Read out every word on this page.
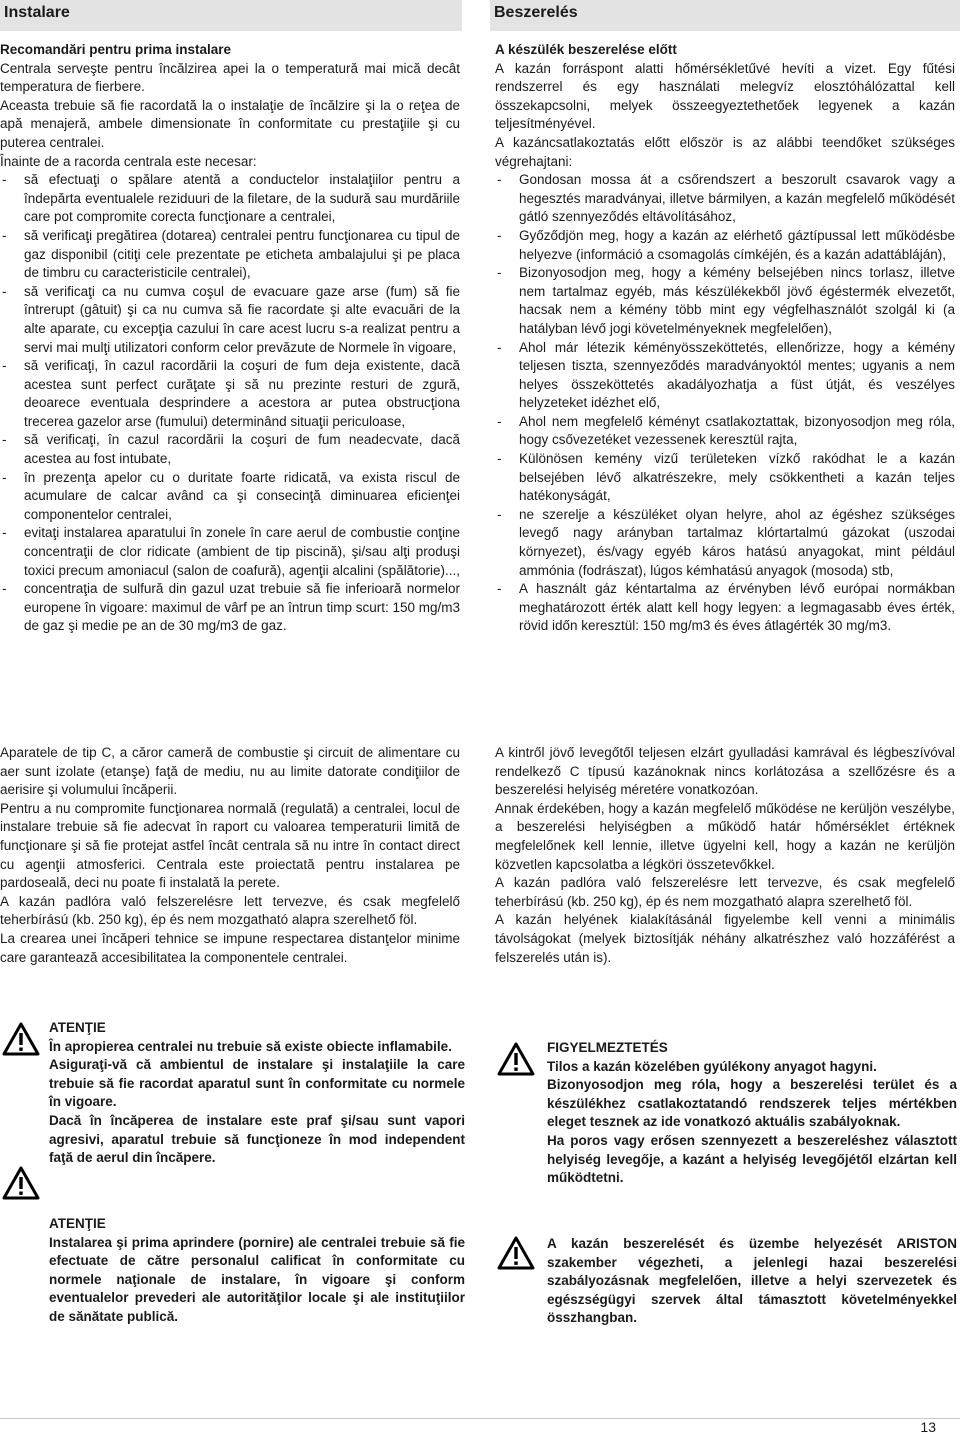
Instalare	Beszerelés

Recomandări pentru prima instalare

Centrala serveşte pentru încălzirea apei la o temperatură mai mică decât temperatura de fierbere.

Aceasta trebuie să fie racordată la o instalaţie de încălzire şi la o reţea de apă menajeră, ambele dimensionate în conformitate cu prestaţiile şi cu puterea centralei.

Înainte de a racorda centrala este necesar:

- să efectuaţi o spălare atentă a conductelor instalaţiilor pentru a îndepărta eventualele reziduuri de la filetare, de la sudură sau murdăriile care pot compromite corecta funcţionare a centralei,
- să verificaţi pregătirea (dotarea) centralei pentru funcţionarea cu tipul de gaz disponibil (citiţi cele prezentate pe eticheta ambalajului şi pe placa de timbru cu caracteristicile centralei),
- să verificaţi ca nu cumva coşul de evacuare gaze arse (fum) să fie întrerupt (gâtuit) şi ca nu cumva să fie racordate şi alte evacuări de la alte aparate, cu excepţia cazului în care acest lucru s-a realizat pentru a servi mai mulţi utilizatori conform celor prevăzute de Normele în vigoare,
- să verificaţi, în cazul racordării la coşuri de fum deja existente, dacă acestea sunt perfect curăţate şi să nu prezinte resturi de zgură, deoarece eventuala desprindere a acestora ar putea obstrucţiona trecerea gazelor arse (fumului) determinând situaţii periculoase,
- să verificaţi, în cazul racordării la coşuri de fum neadecvate, dacă acestea au fost intubate,
- în prezenţa apelor cu o duritate foarte ridicată, va exista riscul de acumulare de calcar având ca şi consecinţă diminuarea eficienţei componentelor centralei,
- evitaţi instalarea aparatului în zonele în care aerul de combustie conţine concentraţii de clor ridicate (ambient de tip piscină), şi/sau alţi produşi toxici precum amoniacul (salon de coafură), agenţii alcalini (spălătorie)...,
- concentraţia de sulfură din gazul uzat trebuie să fie inferioară normelor europene în vigoare: maximul de vârf pe an întrun timp scurt: 150 mg/m3 de gaz şi medie pe an de 30 mg/m3 de gaz.

Aparatele de tip C, a căror cameră de combustie şi circuit de alimentare cu aer sunt izolate (etanşe) faţă de mediu, nu au limite datorate condiţiilor de aerisire şi volumului încăperii.

Pentru a nu compromite funcţionarea normală (regulată) a centralei, locul de instalare trebuie să fie adecvat în raport cu valoarea temperaturii limită de funcţionare şi să fie protejat astfel încât centrala să nu intre în contact direct cu agenţii atmosferici. Centrala este proiectată pentru instalarea pe pardoseală, deci nu poate fi instalată la perete.

A kazán padlóra való felszerelésre lett tervezve, és csak megfelelő teherbírású (kb. 250 kg), ép és nem mozgatható alapra szerelhető föl.

La crearea unei încăperi tehnice se impune respectarea distanţelor minime care garantează accesibilitatea la componentele centralei.

A készülék beszerelése előtt

A kazán forráspont alatti hőmérsékletűvé hevíti a vizet. Egy fűtési rendszerrel és egy használati melegvíz elosztóhálózattal kell összekapcsolni, melyek összeegyeztethetőek legyenek a kazán teljesítményével.

A kazáncsatlakoztatás előtt először is az alábbi teendőket szükséges végrehajtani:

- Gondosan mossa át a csőrendszert a beszorult csavarok vagy a hegesztés maradványai, illetve bármilyen, a kazán megfelelő működését gátló szennyeződés eltávolításához,
- Győződjön meg, hogy a kazán az elérhető gáztípussal lett működésbe helyezve (információ a csomagolás címkéjén, és a kazán adattábláján),
- Bizonyosodjon meg, hogy a kémény belsejében nincs torlasz, illetve nem tartalmaz egyéb, más készülékekből jövő égéstermék elvezetőt, hacsak nem a kémény több mint egy végfelhasználót szolgál ki (a hatályban lévő jogi követelményeknek megfelelően),
- Ahol már létezik kéményösszeköttetés, ellenőrizze, hogy a kémény teljesen tiszta, szennyeződés maradványoktól mentes; ugyanis a nem helyes összeköttetés akadályozhatja a füst útját, és veszélyes helyzeteket idézhet elő,
- Ahol nem megfelelő kéményt csatlakoztattak, bizonyosodjon meg róla, hogy csővezetéket vezessenek keresztül rajta,
- Különösen kemény vizű területeken vízkő rakódhat le a kazán belsejében lévő alkatrészekre, mely csökkentheti a kazán teljes hatékonyságát,
- ne szerelje a készüléket olyan helyre, ahol az égéshez szükséges levegő nagy arányban tartalmaz klórtartalmú gázokat (uszodai környezet), és/vagy egyéb káros hatású anyagokat, mint például ammónia (fodrászat), lúgos kémhatású anyagok (mosoda) stb,
- A használt gáz kéntartalma az érvényben lévő európai normákban meghatározott érték alatt kell hogy legyen: a legmagasabb éves érték, rövid időn keresztül: 150 mg/m3 és éves átlagérték 30 mg/m3.

A kintről jövő levegőtől teljesen elzárt gyulladási kamrával és légbeszívóval rendelkező C típusú kazánoknak nincs korlátozása a szellőzésre és a beszerelési helyiség méretére vonatkozóan.

Annak érdekében, hogy a kazán megfelelő működése ne kerüljön veszélybe, a beszerelési helyiségben a működő határ hőmérséklet értéknek megfelelőnek kell lennie, illetve ügyelni kell, hogy a kazán ne kerüljön közvetlen kapcsolatba a légköri összetevőkkel.

A kazán padlóra való felszerelésre lett tervezve, és csak megfelelő teherbírású (kb. 250 kg), ép és nem mozgatható alapra szerelhető föl.

A kazán helyének kialakításánál figyelembe kell venni a minimális távolságokat (melyek biztosítják néhány alkatrészhez való hozzáférést a felszerelés után is).

ATENŢIE
În apropierea centralei nu trebuie să existe obiecte inflamabile.
Asiguraţi-vă că ambientul de instalare şi instalaţiile la care trebuie să fie racordat aparatul sunt în conformitate cu normele în vigoare.
Dacă în încăperea de instalare este praf şi/sau sunt vapori agresivi, aparatul trebuie să funcţioneze în mod independent faţă de aerul din încăpere.
ATENŢIE
Instalarea şi prima aprindere (pornire) ale centralei trebuie să fie efectuate de către personalul calificat în conformitate cu normele naţionale de instalare, în vigoare şi conform eventualelor prevederi ale autorităţilor locale şi ale instituţiilor de sănătate publică.
FIGYELMEZTETÉS
Tilos a kazán közelében gyúlékony anyagot hagyni.
Bizonyosodjon meg róla, hogy a beszerelési terület és a készülékhez csatlakoztatandó rendszerek teljes mértékben eleget tesznek az ide vonatkozó aktuális szabályoknak.
Ha poros vagy erősen szennyezett a beszereléshez választott helyiség levegője, a kazánt a helyiség levegőjétől elzártan kell működtetni.
A kazán beszerelését és üzembe helyezését ARISTON szakember végezheti, a jelenlegi hazai beszerelési szabályozásnak megfelelően, illetve a helyi szervezetek és egészségügyi szervek által támasztott követelményekkel összhangban.
13
